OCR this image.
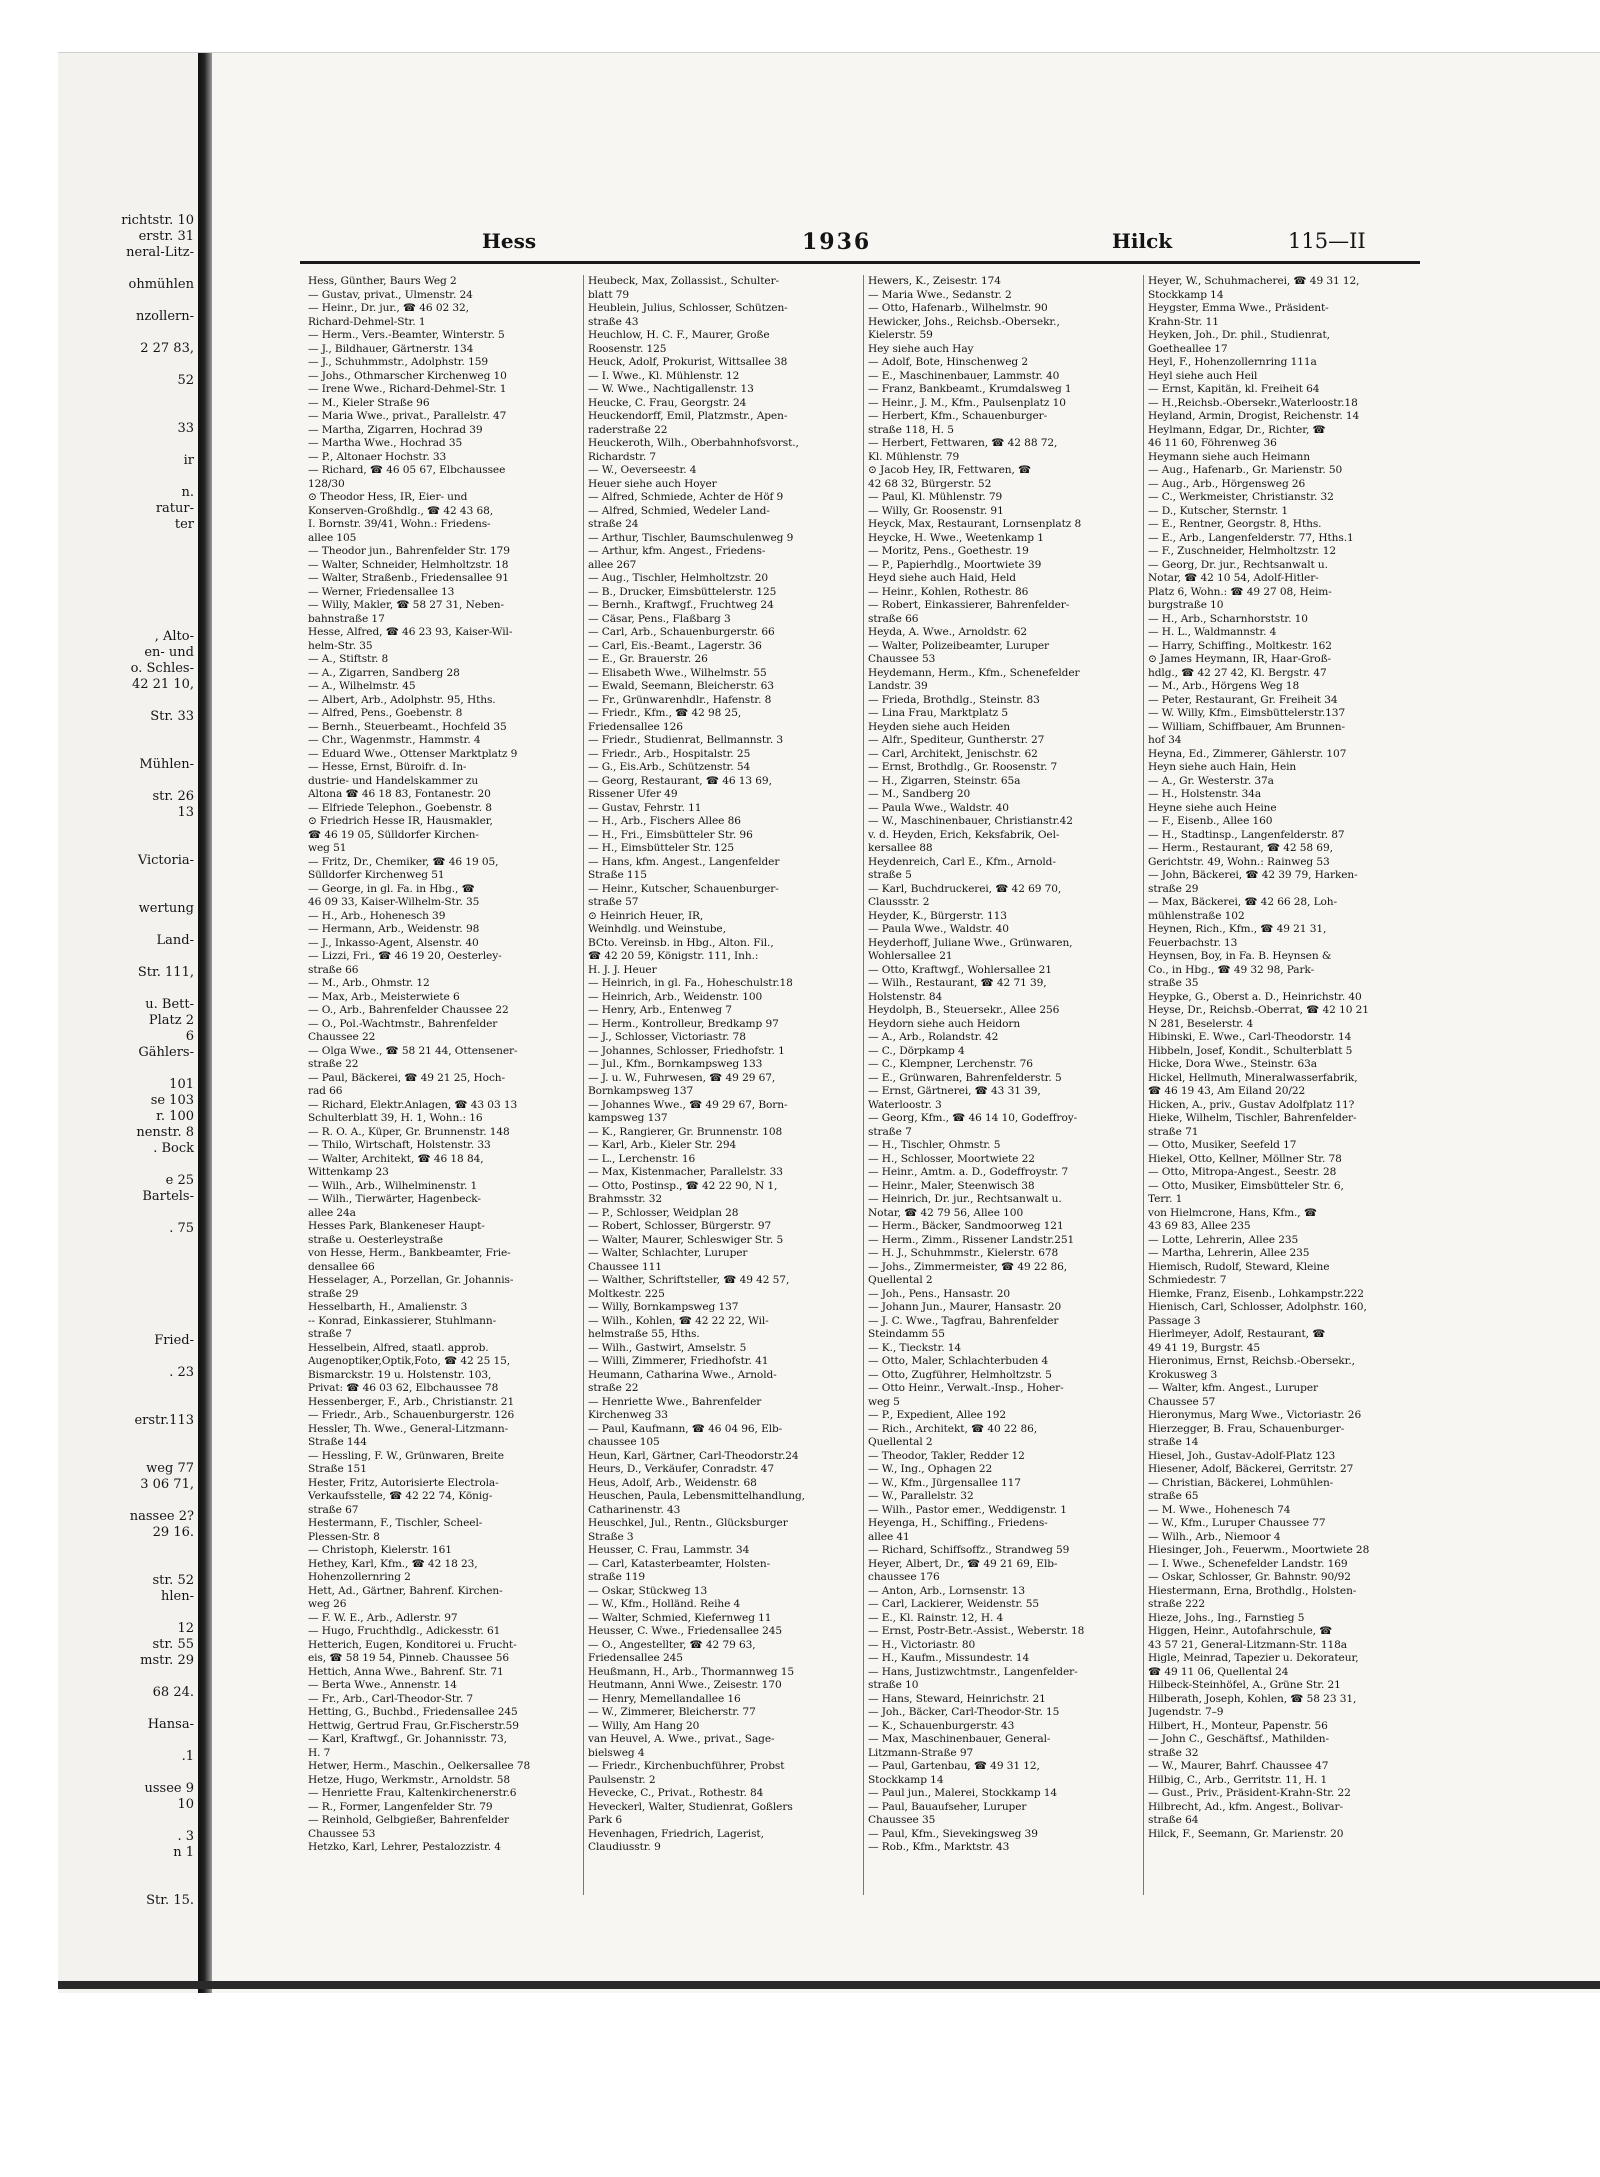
richtstr. 10
erstr. 31
neral-Litz-
ohmühlen
nzollern-
2 27 83,
52
33
ir
n.
ratur-
ter
, Alto-
en- und
o. Schles-
42 21 10,
Str. 33
Mühlen-
str. 26
13
Victoria-
wertung
Land-
Str. 111,
u. Bett-
Platz 2
6
Gählers-
101
se 103
r. 100
nenstr. 8
. Bock
e 25
Bartels-
. 75
Fried-
. 23
erstr.113
weg 77
3 06 71,
nassee 2?
29 16.
str. 52
hlen-
12
str. 55
mstr. 29
68 24.
Hansa-
.1
ussee 9
10
. 3
n 1
Str. 15.
Hess	1936	Hilck	115—II
Hess, Günther, Baurs Weg 2
— Gustav, privat., Ulmenstr. 24
— Heinr., Dr. jur., ☎ 46 02 32,
Richard-Dehmel-Str. 1
— Herm., Vers.-Beamter, Winterstr. 5
— J., Bildhauer, Gärtnerstr. 134
— J., Schuhmmstr., Adolphstr. 159
— Johs., Othmarscher Kirchenweg 10
— Irene Wwe., Richard-Dehmel-Str. 1
— M., Kieler Straße 96
— Maria Wwe., privat., Parallelstr. 47
— Martha, Zigarren, Hochrad 39
— Martha Wwe., Hochrad 35
— P., Altonaer Hochstr. 33
— Richard, ☎ 46 05 67, Elbchaussee
128/30
⊙ Theodor Hess, IR, Eier- und
Konserven-Großhdlg., ☎ 42 43 68,
I. Bornstr. 39/41, Wohn.: Friedens-
allee 105
— Theodor jun., Bahrenfelder Str. 179
— Walter, Schneider, Helmholtzstr. 18
— Walter, Straßenb., Friedensallee 91
— Werner, Friedensallee 13
— Willy, Makler, ☎ 58 27 31, Neben-
bahnstraße 17
Hesse, Alfred, ☎ 46 23 93, Kaiser-Wil-
helm-Str. 35
— A., Stiftstr. 8
— A., Zigarren, Sandberg 28
— A., Wilhelmstr. 45
— Albert, Arb., Adolphstr. 95, Hths.
— Alfred, Pens., Goebenstr. 8
— Bernh., Steuerbeamt., Hochfeld 35
— Chr., Wagenmstr., Hammstr. 4
— Eduard Wwe., Ottenser Marktplatz 9
— Hesse, Ernst, Büroifr. d. In-
dustrie- und Handelskammer zu
Altona ☎ 46 18 83, Fontanestr. 20
— Elfriede Telephon., Goebenstr. 8
⊙ Friedrich Hesse IR, Hausmakler,
☎ 46 19 05, Sülldorfer Kirchen-
weg 51
— Fritz, Dr., Chemiker, ☎ 46 19 05,
Sülldorfer Kirchenweg 51
— George, in gl. Fa. in Hbg., ☎
46 09 33, Kaiser-Wilhelm-Str. 35
— H., Arb., Hohenesch 39
— Hermann, Arb., Weidenstr. 98
— J., Inkasso-Agent, Alsenstr. 40
— Lizzi, Fri., ☎ 46 19 20, Oesterley-
straße 66
— M., Arb., Ohmstr. 12
— Max, Arb., Meisterwiete 6
— O., Arb., Bahrenfelder Chaussee 22
— O., Pol.-Wachtmstr., Bahrenfelder
Chaussee 22
— Olga Wwe., ☎ 58 21 44, Ottensener-
straße 22
— Paul, Bäckerei, ☎ 49 21 25, Hoch-
rad 66
— Richard, Elektr.Anlagen, ☎ 43 03 13
Schulterblatt 39, H. 1, Wohn.: 16
— R. O. A., Küper, Gr. Brunnenstr. 148
— Thilo, Wirtschaft, Holstenstr. 33
— Walter, Architekt, ☎ 46 18 84,
Wittenkamp 23
— Wilh., Arb., Wilhelminenstr. 1
— Wilh., Tierwärter, Hagenbeck-
allee 24a
Hesses Park, Blankeneser Haupt-
straße u. Oesterleystraße
von Hesse, Herm., Bankbeamter, Frie-
densallee 66
Hesselager, A., Porzellan, Gr. Johannis-
straße 29
Hesselbarth, H., Amalienstr. 3
-- Konrad, Einkassierer, Stuhlmann-
straße 7
Hesselbein, Alfred, staatl. approb.
Augenoptiker,Optik,Foto, ☎ 42 25 15,
Bismarckstr. 19 u. Holstenstr. 103,
Privat: ☎ 46 03 62, Elbchaussee 78
Hessenberger, F., Arb., Christianstr. 21
— Friedr., Arb., Schauenburgerstr. 126
Hessler, Th. Wwe., General-Litzmann-
Straße 144
— Hessling, F. W., Grünwaren, Breite
Straße 151
Hester, Fritz, Autorisierte Electrola-
Verkaufsstelle, ☎ 42 22 74, König-
straße 67
Hestermann, F., Tischler, Scheel-
Plessen-Str. 8
— Christoph, Kielerstr. 161
Hethey, Karl, Kfm., ☎ 42 18 23,
Hohenzollernring 2
Hett, Ad., Gärtner, Bahrenf. Kirchen-
weg 26
— F. W. E., Arb., Adlerstr. 97
— Hugo, Fruchthdlg., Adickesstr. 61
Hetterich, Eugen, Konditorei u. Frucht-
eis, ☎ 58 19 54, Pinneb. Chaussee 56
Hettich, Anna Wwe., Bahrenf. Str. 71
— Berta Wwe., Annenstr. 14
— Fr., Arb., Carl-Theodor-Str. 7
Hetting, G., Buchbd., Friedensallee 245
Hettwig, Gertrud Frau, Gr.Fischerstr.59
— Karl, Kraftwgf., Gr. Johannisstr. 73,
H. 7
Hetwer, Herm., Maschin., Oelkersallee 78
Hetze, Hugo, Werkmstr., Arnoldstr. 58
— Henriette Frau, Kaltenkirchenerstr.6
— R., Former, Langenfelder Str. 79
— Reinhold, Gelbgießer, Bahrenfelder
Chaussee 53
Hetzko, Karl, Lehrer, Pestalozzistr. 4
Heubeck, Max, Zollassist., Schulter-
blatt 79
Heublein, Julius, Schlosser, Schützen-
straße 43
Heuchlow, H. C. F., Maurer, Große
Roosenstr. 125
Heuck, Adolf, Prokurist, Wittsallee 38
— I. Wwe., Kl. Mühlenstr. 12
— W. Wwe., Nachtigallenstr. 13
Heucke, C. Frau, Georgstr. 24
Heuckendorff, Emil, Platzmstr., Apen-
raderstraße 22
Heuckeroth, Wilh., Oberbahnhofsvorst.,
Richardstr. 7
— W., Oeverseestr. 4
Heuer siehe auch Hoyer
— Alfred, Schmiede, Achter de Höf 9
— Alfred, Schmied, Wedeler Land-
straße 24
— Arthur, Tischler, Baumschulenweg 9
— Arthur, kfm. Angest., Friedens-
allee 267
— Aug., Tischler, Helmholtzstr. 20
— B., Drucker, Eimsbüttelerstr. 125
— Bernh., Kraftwgf., Fruchtweg 24
— Cäsar, Pens., Flaßbarg 3
— Carl, Arb., Schauenburgerstr. 66
— Carl, Eis.-Beamt., Lagerstr. 36
— E., Gr. Brauerstr. 26
— Elisabeth Wwe., Wilhelmstr. 55
— Ewald, Seemann, Bleicherstr. 63
— Fr., Grünwarenhdlr., Hafenstr. 8
— Friedr., Kfm., ☎ 42 98 25,
Friedensallee 126
— Friedr., Studienrat, Bellmannstr. 3
— Friedr., Arb., Hospitalstr. 25
— G., Eis.Arb., Schützenstr. 54
— Georg, Restaurant, ☎ 46 13 69,
Rissener Ufer 49
— Gustav, Fehrstr. 11
— H., Arb., Fischers Allee 86
— H., Fri., Eimsbütteler Str. 96
— H., Eimsbütteler Str. 125
— Hans, kfm. Angest., Langenfelder
Straße 115
— Heinr., Kutscher, Schauenburger-
straße 57
⊙ Heinrich Heuer, IR,
Weinhdlg. und Weinstube,
BCto. Vereinsb. in Hbg., Alton. Fil.,
☎ 42 20 59, Königstr. 111, Inh.:
H. J. J. Heuer
— Heinrich, in gl. Fa., Hoheschulstr.18
— Heinrich, Arb., Weidenstr. 100
— Henry, Arb., Entenweg 7
— Herm., Kontrolleur, Bredkamp 97
— J., Schlosser, Victoriastr. 78
— Johannes, Schlosser, Friedhofstr. 1
— Jul., Kfm., Bornkampsweg 133
— J. u. W., Fuhrwesen, ☎ 49 29 67,
Bornkampsweg 137
— Johannes Wwe., ☎ 49 29 67, Born-
kampsweg 137
— K., Rangierer, Gr. Brunnenstr. 108
— Karl, Arb., Kieler Str. 294
— L., Lerchenstr. 16
— Max, Kistenmacher, Parallelstr. 33
— Otto, Postinsp., ☎ 42 22 90, N 1,
Brahmsstr. 32
— P., Schlosser, Weidplan 28
— Robert, Schlosser, Bürgerstr. 97
— Walter, Maurer, Schleswiger Str. 5
— Walter, Schlachter, Luruper
Chaussee 111
— Walther, Schriftsteller, ☎ 49 42 57,
Moltkestr. 225
— Willy, Bornkampsweg 137
— Wilh., Kohlen, ☎ 42 22 22, Wil-
helmstraße 55, Hths.
— Wilh., Gastwirt, Amselstr. 5
— Willi, Zimmerer, Friedhofstr. 41
Heumann, Catharina Wwe., Arnold-
straße 22
— Henriette Wwe., Bahrenfelder
Kirchenweg 33
— Paul, Kaufmann, ☎ 46 04 96, Elb-
chaussee 105
Heun, Karl, Gärtner, Carl-Theodorstr.24
Heurs, D., Verkäufer, Conradstr. 47
Heus, Adolf, Arb., Weidenstr. 68
Heuschen, Paula, Lebensmittelhandlung,
Catharinenstr. 43
Heuschkel, Jul., Rentn., Glücksburger
Straße 3
Heusser, C. Frau, Lammstr. 34
— Carl, Katasterbeamter, Holsten-
straße 119
— Oskar, Stückweg 13
— W., Kfm., Holländ. Reihe 4
— Walter, Schmied, Kiefernweg 11
Heusser, C. Wwe., Friedensallee 245
— O., Angestellter, ☎ 42 79 63,
Friedensallee 245
Heußmann, H., Arb., Thormannweg 15
Heutmann, Anni Wwe., Zeisestr. 170
— Henry, Memellandallee 16
— W., Zimmerer, Bleicherstr. 77
— Willy, Am Hang 20
van Heuvel, A. Wwe., privat., Sage-
bielsweg 4
— Friedr., Kirchenbuchführer, Probst
Paulsenstr. 2
Hevecke, C., Privat., Rothestr. 84
Heveckerl, Walter, Studienrat, Goßlers
Park 6
Hevenhagen, Friedrich, Lagerist,
Claudiusstr. 9
Hewers, K., Zeisestr. 174
— Maria Wwe., Sedanstr. 2
— Otto, Hafenarb., Wilhelmstr. 90
Hewicker, Johs., Reichsb.-Obersekr.,
Kielerstr. 59
Hey siehe auch Hay
— Adolf, Bote, Hinschenweg 2
— E., Maschinenbauer, Lammstr. 40
— Franz, Bankbeamt., Krumdalsweg 1
— Heinr., J. M., Kfm., Paulsenplatz 10
— Herbert, Kfm., Schauenburger-
straße 118, H. 5
— Herbert, Fettwaren, ☎ 42 88 72,
Kl. Mühlenstr. 79
⊙ Jacob Hey, IR, Fettwaren, ☎
42 68 32, Bürgerstr. 52
— Paul, Kl. Mühlenstr. 79
— Willy, Gr. Roosenstr. 91
Heyck, Max, Restaurant, Lornsenplatz 8
Heycke, H. Wwe., Weetenkamp 1
— Moritz, Pens., Goethestr. 19
— P., Papierhdlg., Moortwiete 39
Heyd siehe auch Haid, Held
— Heinr., Kohlen, Rothestr. 86
— Robert, Einkassierer, Bahrenfelder-
straße 66
Heyda, A. Wwe., Arnoldstr. 62
— Walter, Polizeibeamter, Luruper
Chaussee 53
Heydemann, Herm., Kfm., Schenefelder
Landstr. 39
— Frieda, Brothdlg., Steinstr. 83
— Lina Frau, Marktplatz 5
Heyden siehe auch Heiden
— Alfr., Spediteur, Guntherstr. 27
— Carl, Architekt, Jenischstr. 62
— Ernst, Brothdlg., Gr. Roosenstr. 7
— H., Zigarren, Steinstr. 65a
— M., Sandberg 20
— Paula Wwe., Waldstr. 40
— W., Maschinenbauer, Christianstr.42
v. d. Heyden, Erich, Keksfabrik, Oel-
kersallee 88
Heydenreich, Carl E., Kfm., Arnold-
straße 5
— Karl, Buchdruckerei, ☎ 42 69 70,
Claussstr. 2
Heyder, K., Bürgerstr. 113
— Paula Wwe., Waldstr. 40
Heyderhoff, Juliane Wwe., Grünwaren,
Wohlersallee 21
— Otto, Kraftwgf., Wohlersallee 21
— Wilh., Restaurant, ☎ 42 71 39,
Holstenstr. 84
Heydolph, B., Steuersekr., Allee 256
Heydorn siehe auch Heidorn
— A., Arb., Rolandstr. 42
— C., Dörpkamp 4
— C., Klempner, Lerchenstr. 76
— E., Grünwaren, Bahrenfelderstr. 5
— Ernst, Gärtnerei, ☎ 43 31 39,
Waterloostr. 3
— Georg, Kfm., ☎ 46 14 10, Godeffroy-
straße 7
— H., Tischler, Ohmstr. 5
— H., Schlosser, Moortwiete 22
— Heinr., Amtm. a. D., Godeffroystr. 7
— Heinr., Maler, Steenwisch 38
— Heinrich, Dr. jur., Rechtsanwalt u.
Notar, ☎ 42 79 56, Allee 100
— Herm., Bäcker, Sandmoorweg 121
— Herm., Zimm., Rissener Landstr.251
— H. J., Schuhmmstr., Kielerstr. 678
— Johs., Zimmermeister, ☎ 49 22 86,
Quellental 2
— Joh., Pens., Hansastr. 20
— Johann Jun., Maurer, Hansastr. 20
— J. C. Wwe., Tagfrau, Bahrenfelder
Steindamm 55
— K., Tieckstr. 14
— Otto, Maler, Schlachterbuden 4
— Otto, Zugführer, Helmholtzstr. 5
— Otto Heinr., Verwalt.-Insp., Hoher-
weg 5
— P., Expedient, Allee 192
— Rich., Architekt, ☎ 40 22 86,
Quellental 2
— Theodor, Takler, Redder 12
— W., Ing., Ophagen 22
— W., Kfm., Jürgensallee 117
— W., Parallelstr. 32
— Wilh., Pastor emer., Weddigenstr. 1
Heyenga, H., Schiffing., Friedens-
allee 41
— Richard, Schiffsoffz., Strandweg 59
Heyer, Albert, Dr., ☎ 49 21 69, Elb-
chaussee 176
— Anton, Arb., Lornsenstr. 13
— Carl, Lackierer, Weidenstr. 55
— E., Kl. Rainstr. 12, H. 4
— Ernst, Postr-Betr.-Assist., Weberstr. 18
— H., Victoriastr. 80
— H., Kaufm., Missundestr. 14
— Hans, Justizwchtmstr., Langenfelder-
straße 10
— Hans, Steward, Heinrichstr. 21
— Joh., Bäcker, Carl-Theodor-Str. 15
— K., Schauenburgerstr. 43
— Max, Maschinenbauer, General-
Litzmann-Straße 97
— Paul, Gartenbau, ☎ 49 31 12,
Stockkamp 14
— Paul jun., Malerei, Stockkamp 14
— Paul, Bauaufseher, Luruper
Chaussee 35
— Paul, Kfm., Sievekingsweg 39
— Rob., Kfm., Marktstr. 43
Heyer, W., Schuhmacherei, ☎ 49 31 12,
Stockkamp 14
Heygster, Emma Wwe., Präsident-
Krahn-Str. 11
Heyken, Joh., Dr. phil., Studienrat,
Goetheallee 17
Heyl, F., Hohenzollernring 111a
Heyl siehe auch Heil
— Ernst, Kapitän, kl. Freiheit 64
— H.,Reichsb.-Obersekr.,Waterloostr.18
Heyland, Armin, Drogist, Reichenstr. 14
Heylmann, Edgar, Dr., Richter, ☎
46 11 60, Föhrenweg 36
Heymann siehe auch Heimann
— Aug., Hafenarb., Gr. Marienstr. 50
— Aug., Arb., Hörgensweg 26
— C., Werkmeister, Christianstr. 32
— D., Kutscher, Sternstr. 1
— E., Rentner, Georgstr. 8, Hths.
— E., Arb., Langenfelderstr. 77, Hths.1
— F., Zuschneider, Helmholtzstr. 12
— Georg, Dr. jur., Rechtsanwalt u.
Notar, ☎ 42 10 54, Adolf-Hitler-
Platz 6, Wohn.: ☎ 49 27 08, Heim-
burgstraße 10
— H., Arb., Scharnhorststr. 10
— H. L., Waldmannstr. 4
— Harry, Schiffing., Moltkestr. 162
⊙ James Heymann, IR, Haar-Groß-
hdlg., ☎ 42 27 42, Kl. Bergstr. 47
— M., Arb., Hörgens Weg 18
— Peter, Restaurant, Gr. Freiheit 34
— W. Willy, Kfm., Eimsbüttelerstr.137
— William, Schiffbauer, Am Brunnen-
hof 34
Heyna, Ed., Zimmerer, Gählerstr. 107
Heyn siehe auch Hain, Hein
— A., Gr. Westerstr. 37a
— H., Holstenstr. 34a
Heyne siehe auch Heine
— F., Eisenb., Allee 160
— H., Stadtinsp., Langenfelderstr. 87
— Herm., Restaurant, ☎ 42 58 69,
Gerichtstr. 49, Wohn.: Rainweg 53
— John, Bäckerei, ☎ 42 39 79, Harken-
straße 29
— Max, Bäckerei, ☎ 42 66 28, Loh-
mühlenstraße 102
Heynen, Rich., Kfm., ☎ 49 21 31,
Feuerbachstr. 13
Heynsen, Boy, in Fa. B. Heynsen &
Co., in Hbg., ☎ 49 32 98, Park-
straße 35
Heypke, G., Oberst a. D., Heinrichstr. 40
Heyse, Dr., Reichsb.-Oberrat, ☎ 42 10 21
N 281, Beselerstr. 4
Hibinski, E. Wwe., Carl-Theodorstr. 14
Hibbeln, Josef, Kondit., Schulterblatt 5
Hicke, Dora Wwe., Steinstr. 63a
Hickel, Hellmuth, Mineralwasserfabrik,
☎ 46 19 43, Am Eiland 20/22
Hicken, A., priv., Gustav Adolfplatz 11?
Hieke, Wilhelm, Tischler, Bahrenfelder-
straße 71
— Otto, Musiker, Seefeld 17
Hiekel, Otto, Kellner, Möllner Str. 78
— Otto, Mitropa-Angest., Seestr. 28
— Otto, Musiker, Eimsbütteler Str. 6,
Terr. 1
von Hielmcrone, Hans, Kfm., ☎
43 69 83, Allee 235
— Lotte, Lehrerin, Allee 235
— Martha, Lehrerin, Allee 235
Hiemisch, Rudolf, Steward, Kleine
Schmiedestr. 7
Hiemke, Franz, Eisenb., Lohkampstr.222
Hienisch, Carl, Schlosser, Adolphstr. 160,
Passage 3
Hierlmeyer, Adolf, Restaurant, ☎
49 41 19, Burgstr. 45
Hieronimus, Ernst, Reichsb.-Obersekr.,
Krokusweg 3
— Walter, kfm. Angest., Luruper
Chaussee 57
Hieronymus, Marg Wwe., Victoriastr. 26
Hierzegger, B. Frau, Schauenburger-
straße 14
Hiesel, Joh., Gustav-Adolf-Platz 123
Hiesener, Adolf, Bäckerei, Gerritstr. 27
— Christian, Bäckerei, Lohmühlen-
straße 65
— M. Wwe., Hohenesch 74
— W., Kfm., Luruper Chaussee 77
— Wilh., Arb., Niemoor 4
Hiesinger, Joh., Feuerwm., Moortwiete 28
— I. Wwe., Schenefelder Landstr. 169
— Oskar, Schlosser, Gr. Bahnstr. 90/92
Hiestermann, Erna, Brothdlg., Holsten-
straße 222
Hieze, Johs., Ing., Farnstieg 5
Higgen, Heinr., Autofahrschule, ☎
43 57 21, General-Litzmann-Str. 118a
Higle, Meinrad, Tapezier u. Dekorateur,
☎ 49 11 06, Quellental 24
Hilbeck-Steinhöfel, A., Grüne Str. 21
Hilberath, Joseph, Kohlen, ☎ 58 23 31,
Jugendstr. 7–9
Hilbert, H., Monteur, Papenstr. 56
— John C., Geschäftsf., Mathilden-
straße 32
— W., Maurer, Bahrf. Chaussee 47
Hilbig, C., Arb., Gerritstr. 11, H. 1
— Gust., Priv., Präsident-Krahn-Str. 22
Hilbrecht, Ad., kfm. Angest., Bolivar-
straße 64
Hilck, F., Seemann, Gr. Marienstr. 20
